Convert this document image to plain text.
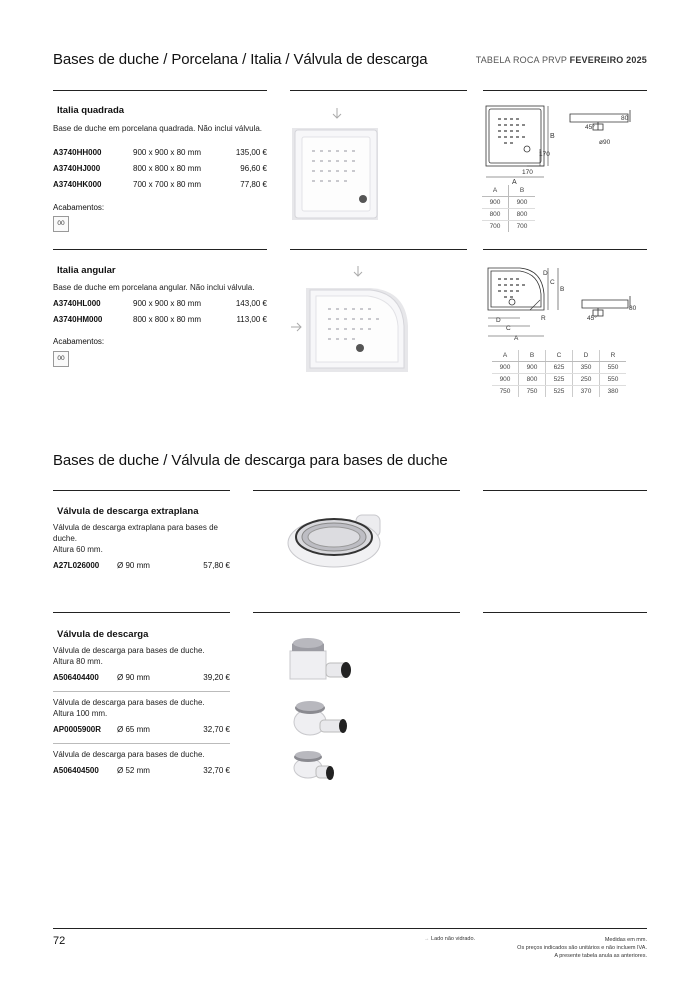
Bases de duche / Porcelana / Italia / Válvula de descarga	TABELA ROCA PRVP FEVEREIRO 2025
Italia quadrada
Base de duche em porcelana quadrada. Não inclui válvula.
A3740HH000	900 x 900 x 80 mm	135,00 €
A3740HJ000	800 x 800 x 80 mm	96,60 €
A3740HK000	700 x 700 x 80 mm	77,80 €
Acabamentos:
00
B
A
170
170
45°
80
ø90
A	B
900	900
800	800
700	700
Italia angular
Base de duche em porcelana angular. Não inclui válvula.
A3740HL000	900 x 900 x 80 mm	143,00 €
A3740HM000	800 x 800 x 80 mm	113,00 €
Acabamentos:
00
D
C
B
R
D
C
A
45°
80
A	B	C	D	R
900	900	625	350	550
900	800	525	250	550
750	750	525	370	380
Bases de duche / Válvula de descarga para bases de duche
Válvula de descarga extraplana
Válvula de descarga extraplana para bases de duche.
Altura 60 mm.
A27L026000 Ø 90 mm	57,80 €
Válvula de descarga
Válvula de descarga para bases de duche.
Altura 80 mm.
A506404400 Ø 90 mm	39,20 €
Válvula de descarga para bases de duche.
Altura 100 mm.
AP0005900R Ø 65 mm	32,70 €
Válvula de descarga para bases de duche.
A506404500 Ø 52 mm	32,70 €
72	→ Lado não vidrado.	Medidas em mm.
Os preços indicados são unitários e não incluem IVA.
A presente tabela anula as anteriores.
